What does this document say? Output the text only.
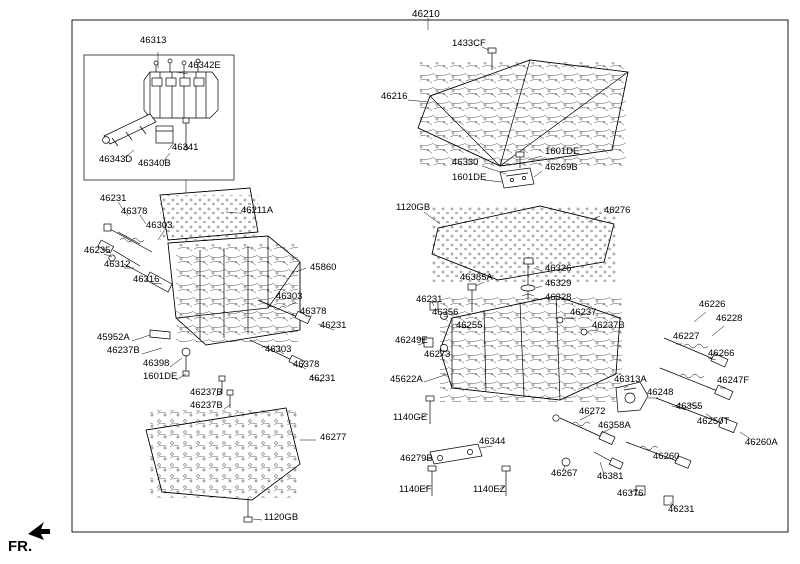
46210
1433CF
46216
46313
46342E
46343D 46340B
46341
46330
1601DE
1601DE
46269B
1120GB	46276
46211A
46231
46378
46303
46235
46312
46316
45860
46303
46378
46231
45952A
46237B
46398
1601DE
46303
46378
46231
46237B
46237B
46277
1120GB
46385A
46326
46329
46328
46231
46356
46255
46237
46237B
46249E
46273
46226
46228
46227
46266
46247F
45622A	46313A
46248
46355
46250T
46260A
46272
46358A
1140GE
46344
46279B	46260
46267 46381
46376
46231
1140EF	1140EZ
FR.
